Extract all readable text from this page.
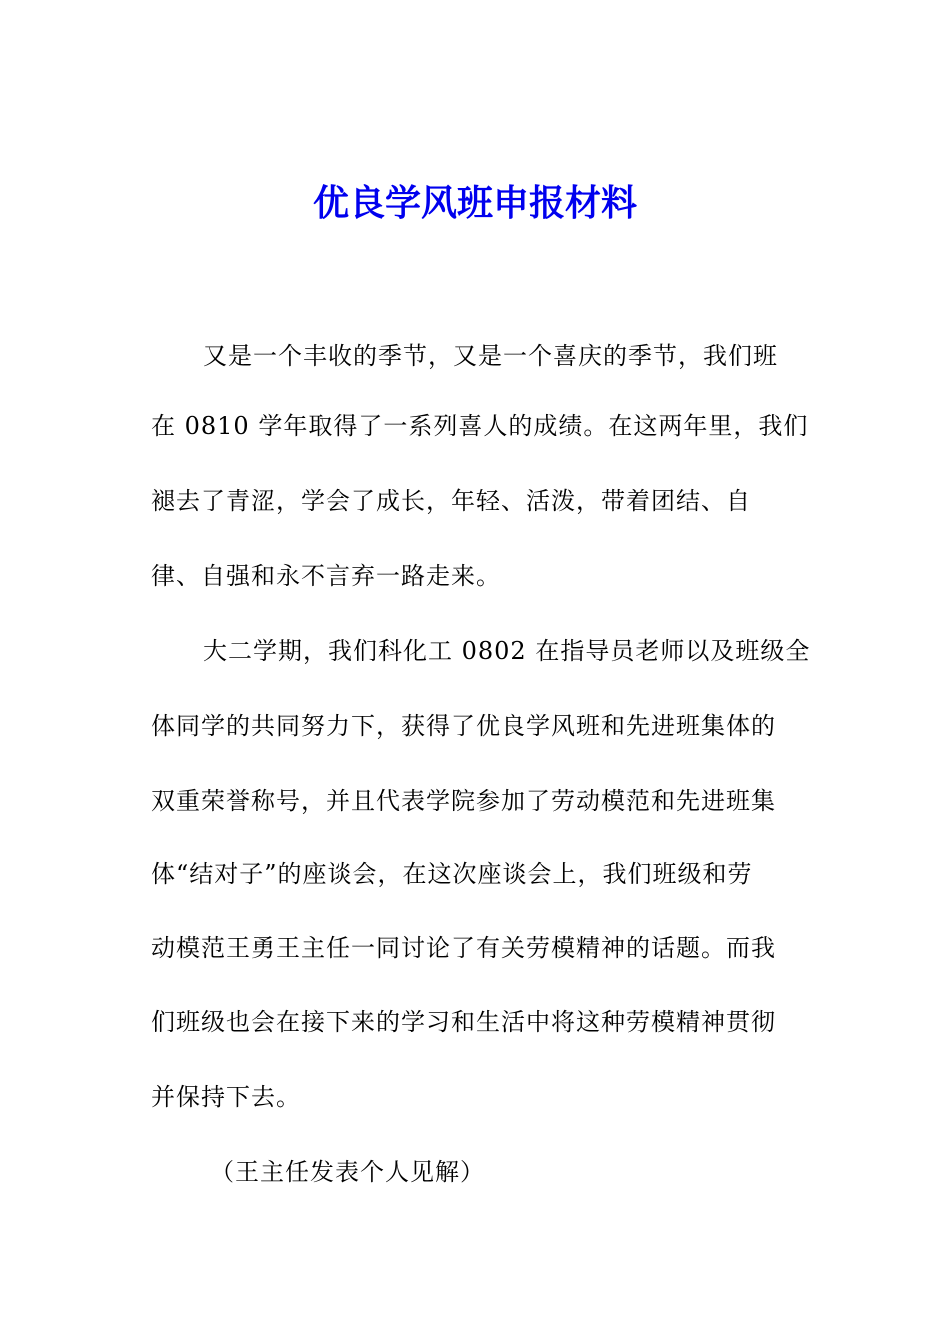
优良学风班申报材料

又是一个丰收的季节，又是一个喜庆的季节，我们班

在 0810 学年取得了一系列喜人的成绩。在这两年里，我们

褪去了青涩，学会了成长，年轻、活泼，带着团结、自

律、自强和永不言弃一路走来。

大二学期，我们科化工 0802 在指导员老师以及班级全

体同学的共同努力下，获得了优良学风班和先进班集体的

双重荣誉称号，并且代表学院参加了劳动模范和先进班集

体“结对子”的座谈会，在这次座谈会上，我们班级和劳

动模范王勇王主任一同讨论了有关劳模精神的话题。而我

们班级也会在接下来的学习和生活中将这种劳模精神贯彻

并保持下去。

（王主任发表个人见解）
